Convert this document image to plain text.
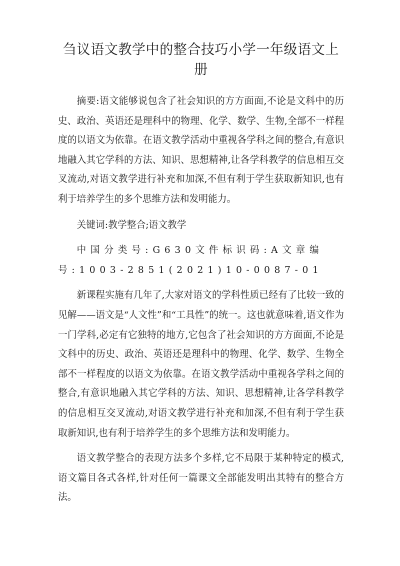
刍议语文教学中的整合技巧小学一年级语文上册

摘要:语文能够说包含了社会知识的方方面面,不论是文科中的历史、政治、英语还是理科中的物理、化学、数学、生物,全部不一样程度的以语文为依靠。在语文教学活动中重视各学科之间的整合,有意识地融入其它学科的方法、知识、思想精神,让各学科教学的信息相互交叉流动,对语文教学进行补充和加深,不但有利于学生获取新知识,也有利于培养学生的多个思维方法和发明能力。

关键词:教学整合;语文教学

中国分类号:G630文件标识码:A文章编号:1003-2851(2021)10-0087-01

新课程实施有几年了,大家对语文的学科性质已经有了比较一致的见解——语文是“人文性”和“工具性”的统一。这也就意味着,语文作为一门学科,必定有它独特的地方,它包含了社会知识的方方面面,不论是文科中的历史、政治、英语还是理科中的物理、化学、数学、生物全部不一样程度的以语文为依靠。在语文教学活动中重视各学科之间的整合,有意识地融入其它学科的方法、知识、思想精神,让各学科教学的信息相互交叉流动,对语文教学进行补充和加深,不但有利于学生获取新知识,也有利于培养学生的多个思维方法和发明能力。

语文教学整合的表现方法多个多样,它不局限于某种特定的模式,语文篇目各式各样,针对任何一篇课文全部能发明出其特有的整合方法。
